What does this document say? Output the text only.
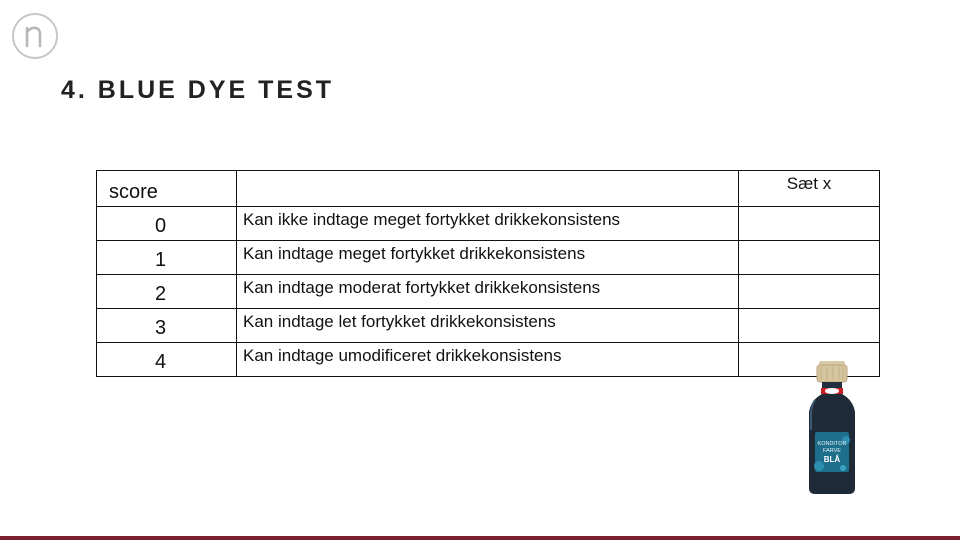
4. BLUE DYE TEST
score		Sæt x
0	Kan ikke indtage meget fortykket drikkekonsistens	
1	Kan indtage meget fortykket drikkekonsistens	
2	Kan indtage moderat fortykket drikkekonsistens	
3	Kan indtage let fortykket drikkekonsistens	
4	Kan indtage umodificeret drikkekonsistens	
KONDITOR
FARVE
BLÅ
